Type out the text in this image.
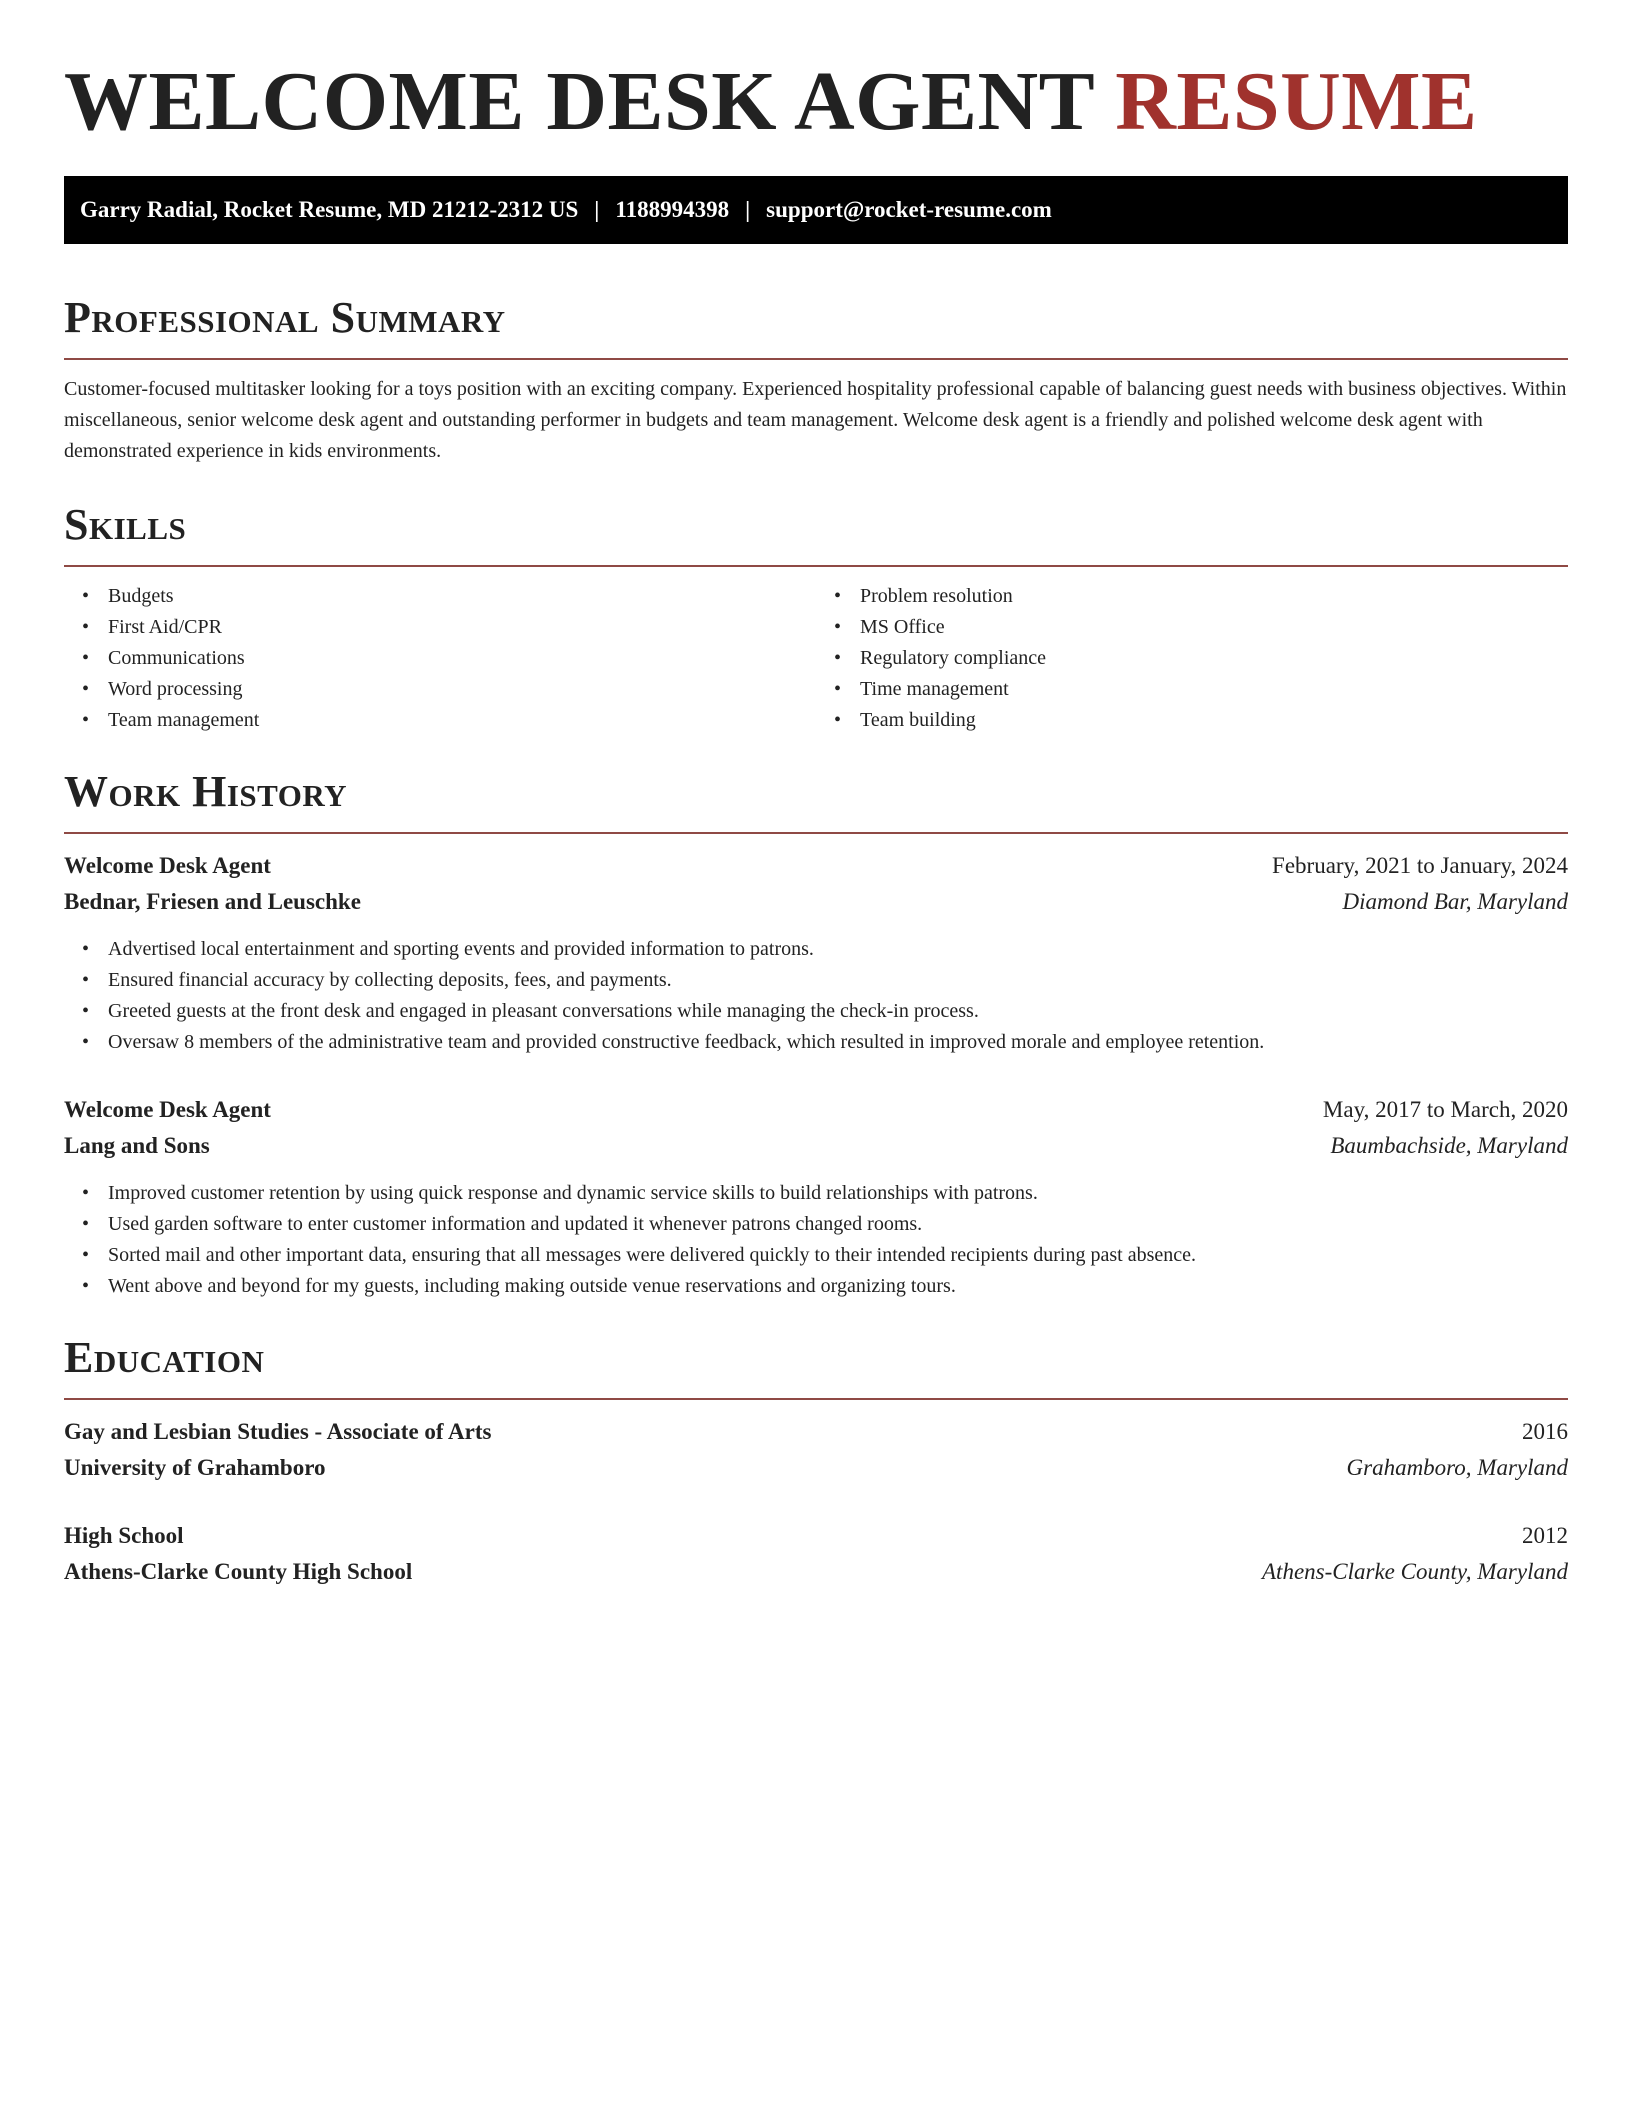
WELCOME DESK AGENT RESUME
Garry Radial, Rocket Resume, MD 21212-2312 US | 1188994398 | support@rocket-resume.com
Professional Summary

Customer-focused multitasker looking for a toys position with an exciting company. Experienced hospitality professional capable of balancing guest needs with business objectives. Within miscellaneous, senior welcome desk agent and outstanding performer in budgets and team management. Welcome desk agent is a friendly and polished welcome desk agent with demonstrated experience in kids environments.

Skills
• Budgets
• First Aid/CPR
• Communications
• Word processing
• Team management
• Problem resolution
• MS Office
• Regulatory compliance
• Time management
• Team building
Work History
Welcome Desk Agent	February, 2021 to January, 2024
Bednar, Friesen and Leuschke	Diamond Bar, Maryland
• Advertised local entertainment and sporting events and provided information to patrons.
• Ensured financial accuracy by collecting deposits, fees, and payments.
• Greeted guests at the front desk and engaged in pleasant conversations while managing the check-in process.
• Oversaw 8 members of the administrative team and provided constructive feedback, which resulted in improved morale and employee retention.
Welcome Desk Agent	May, 2017 to March, 2020
Lang and Sons	Baumbachside, Maryland
• Improved customer retention by using quick response and dynamic service skills to build relationships with patrons.
• Used garden software to enter customer information and updated it whenever patrons changed rooms.
• Sorted mail and other important data, ensuring that all messages were delivered quickly to their intended recipients during past absence.
• Went above and beyond for my guests, including making outside venue reservations and organizing tours.
Education
Gay and Lesbian Studies - Associate of Arts	2016
University of Grahamboro	Grahamboro, Maryland
High School	2012
Athens-Clarke County High School	Athens-Clarke County, Maryland
